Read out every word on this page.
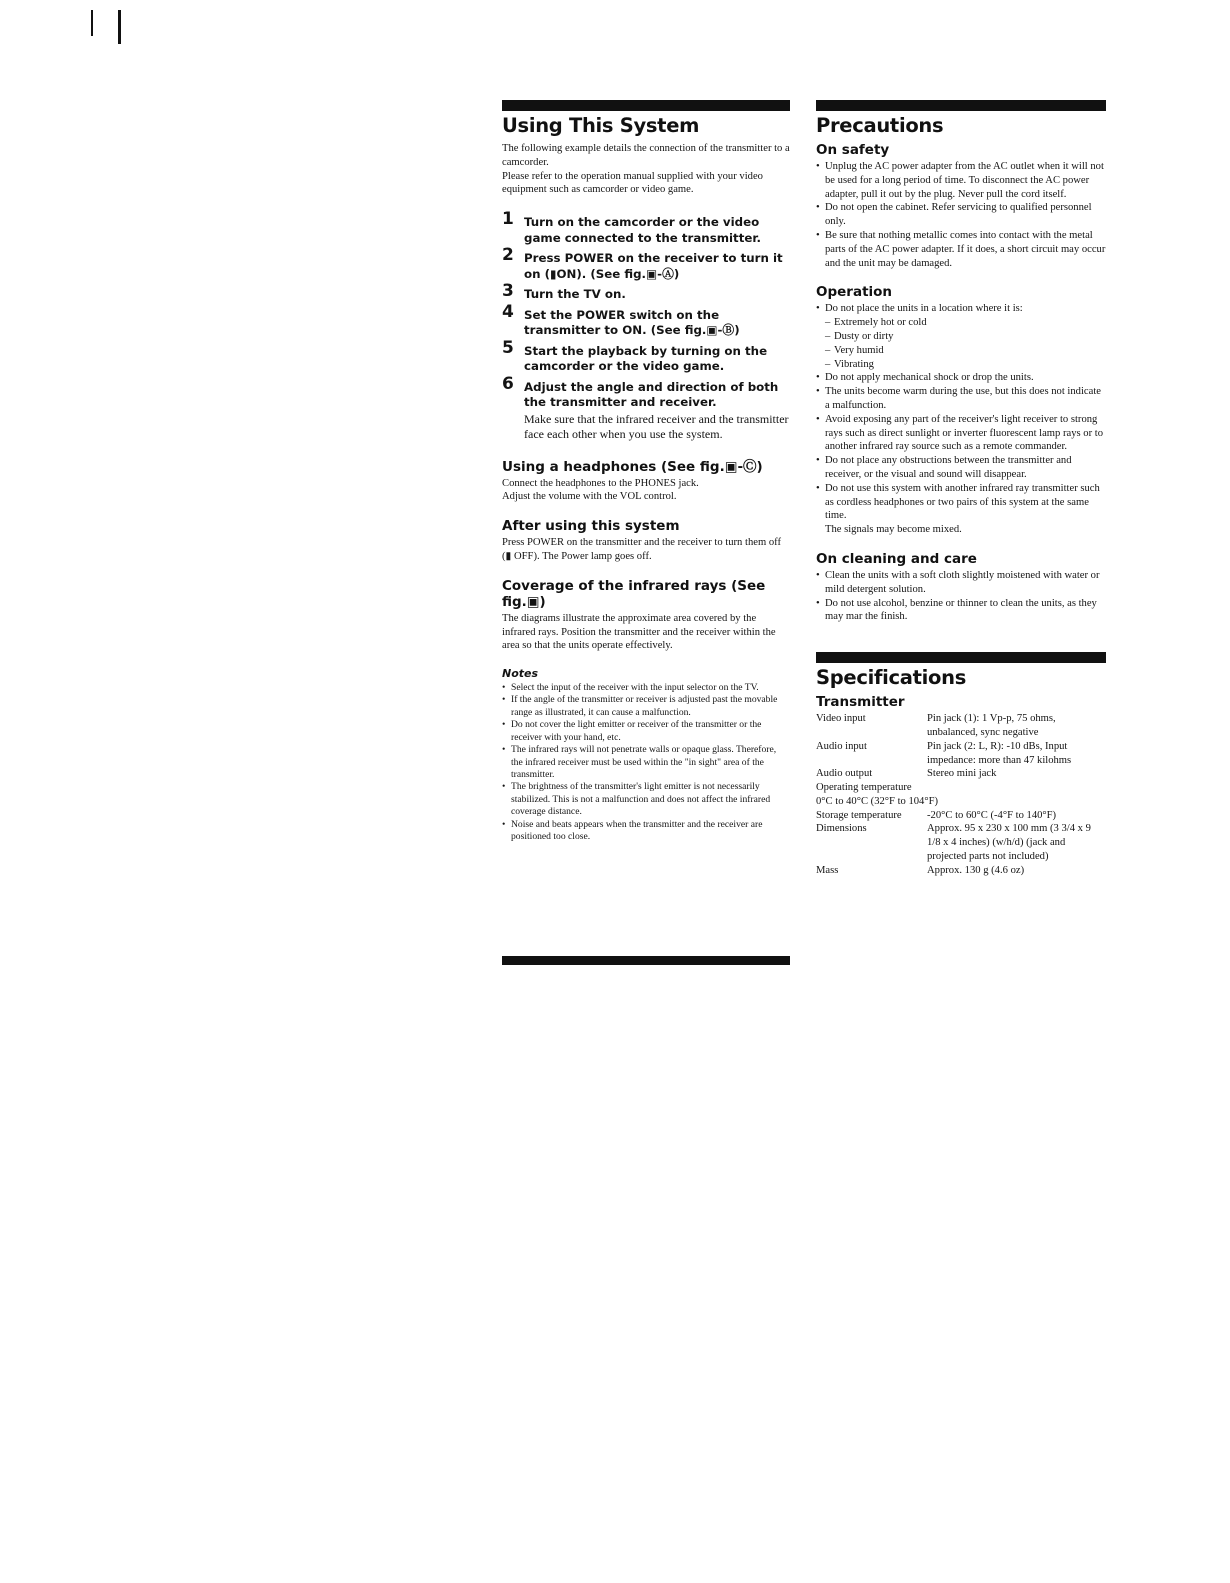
Using This System

The following example details the connection of the transmitter to a camcorder.

Please refer to the operation manual supplied with your video equipment such as camcorder or video game.

1 Turn on the camcorder or the video game connected to the transmitter.
2 Press POWER on the receiver to turn it on (▮ON). (See fig.▣-Ⓐ)
3 Turn the TV on.
4 Set the POWER switch on the transmitter to ON. (See fig.▣-Ⓑ)
5 Start the playback by turning on the camcorder or the video game.
6 Adjust the angle and direction of both the transmitter and receiver.
Make sure that the infrared receiver and the transmitter face each other when you use the system.
Using a headphones (See fig.▣-Ⓒ)

Connect the headphones to the PHONES jack.

Adjust the volume with the VOL control.

After using this system

Press POWER on the transmitter and the receiver to turn them off (▮ OFF). The Power lamp goes off.

Coverage of the infrared rays (See fig.▣)

The diagrams illustrate the approximate area covered by the infrared rays. Position the transmitter and the receiver within the area so that the units operate effectively.

Notes

• Select the input of the receiver with the input selector on the TV.
• If the angle of the transmitter or receiver is adjusted past the movable range as illustrated, it can cause a malfunction.
• Do not cover the light emitter or receiver of the transmitter or the receiver with your hand, etc.
• The infrared rays will not penetrate walls or opaque glass. Therefore, the infrared receiver must be used within the "in sight" area of the transmitter.
• The brightness of the transmitter's light emitter is not necessarily stabilized. This is not a malfunction and does not affect the infrared coverage distance.
• Noise and beats appears when the transmitter and the receiver are positioned too close.
Precautions
On safety
• Unplug the AC power adapter from the AC outlet when it will not be used for a long period of time. To disconnect the AC power adapter, pull it out by the plug. Never pull the cord itself.
• Do not open the cabinet. Refer servicing to qualified personnel only.
• Be sure that nothing metallic comes into contact with the metal parts of the AC power adapter. If it does, a short circuit may occur and the unit may be damaged.
Operation
• Do not place the units in a location where it is:
– Extremely hot or cold
– Dusty or dirty
– Very humid
– Vibrating
• Do not apply mechanical shock or drop the units.
• The units become warm during the use, but this does not indicate a malfunction.
• Avoid exposing any part of the receiver's light receiver to strong rays such as direct sunlight or inverter fluorescent lamp rays or to another infrared ray source such as a remote commander.
• Do not place any obstructions between the transmitter and receiver, or the visual and sound will disappear.
• Do not use this system with another infrared ray transmitter such as cordless headphones or two pairs of this system at the same time.

The signals may become mixed.

On cleaning and care
• Clean the units with a soft cloth slightly moistened with water or mild detergent solution.
• Do not use alcohol, benzine or thinner to clean the units, as they may mar the finish.
Specifications
Transmitter
Video input	Pin jack (1): 1 Vp-p, 75 ohms, unbalanced, sync negative
Audio input	Pin jack (2: L, R): -10 dBs, Input impedance: more than 47 kilohms
Audio output	Stereo mini jack
Operating temperature	
0°C to 40°C (32°F to 104°F)	
Storage temperature	-20°C to 60°C (-4°F to 140°F)
Dimensions	Approx. 95 x 230 x 100 mm (3 3/4 x 9 1/8 x 4 inches) (w/h/d) (jack and projected parts not included)
Mass	Approx. 130 g (4.6 oz)
